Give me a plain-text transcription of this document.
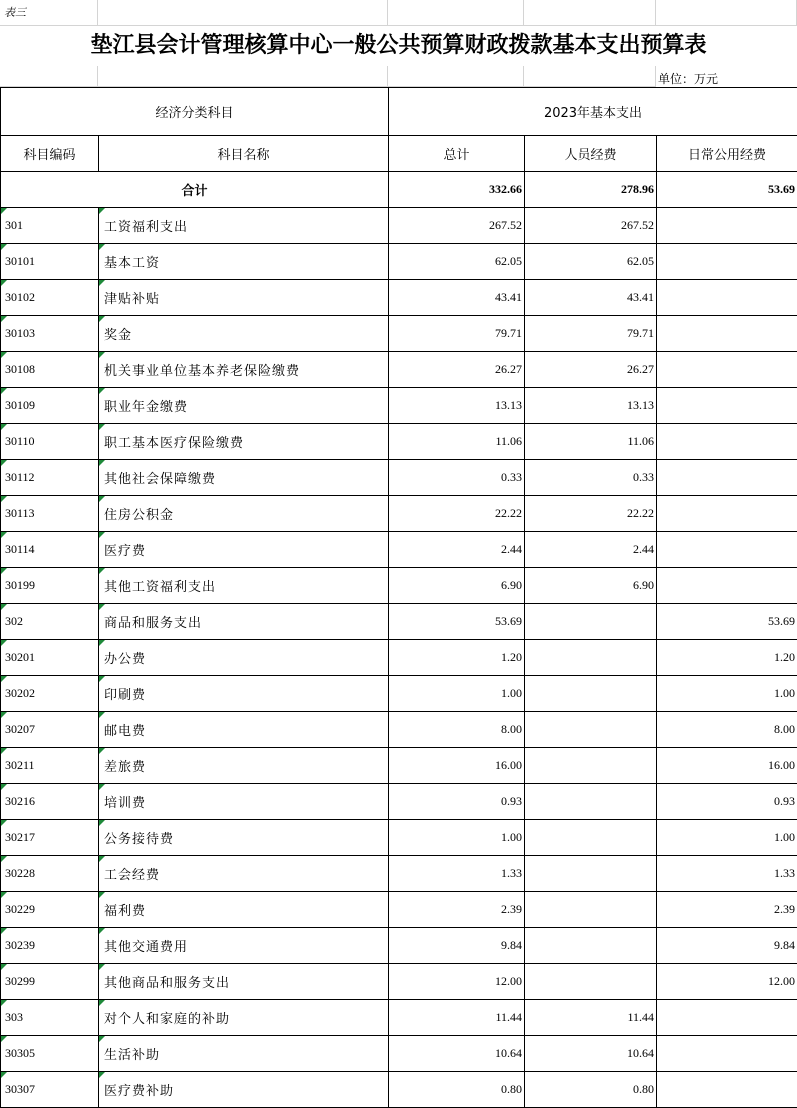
表三
垫江县会计管理核算中心一般公共预算财政拨款基本支出预算表
单位：万元
经济分类科目		2023年基本支出		
科目编码	科目名称	总计	人员经费	日常公用经费
合计		332.66	278.96	53.69

301	工资福利支出	267.52	267.52	

30101	基本工资	62.05	62.05	

30102	津贴补贴	43.41	43.41	

30103	奖金	79.71	79.71	

30108	机关事业单位基本养老保险缴费	26.27	26.27	

30109	职业年金缴费	13.13	13.13	

30110	职工基本医疗保险缴费	11.06	11.06	

30112	其他社会保障缴费	0.33	0.33	

30113	住房公积金	22.22	22.22	

30114	医疗费	2.44	2.44	

30199	其他工资福利支出	6.90	6.90	

302	商品和服务支出	53.69		53.69

30201	办公费	1.20		1.20

30202	印刷费	1.00		1.00

30207	邮电费	8.00		8.00

30211	差旅费	16.00		16.00

30216	培训费	0.93		0.93

30217	公务接待费	1.00		1.00

30228	工会经费	1.33		1.33

30229	福利费	2.39		2.39

30239	其他交通费用	9.84		9.84

30299	其他商品和服务支出	12.00		12.00

303	对个人和家庭的补助	11.44	11.44	

30305	生活补助	10.64	10.64	

30307	医疗费补助	0.80	0.80	
